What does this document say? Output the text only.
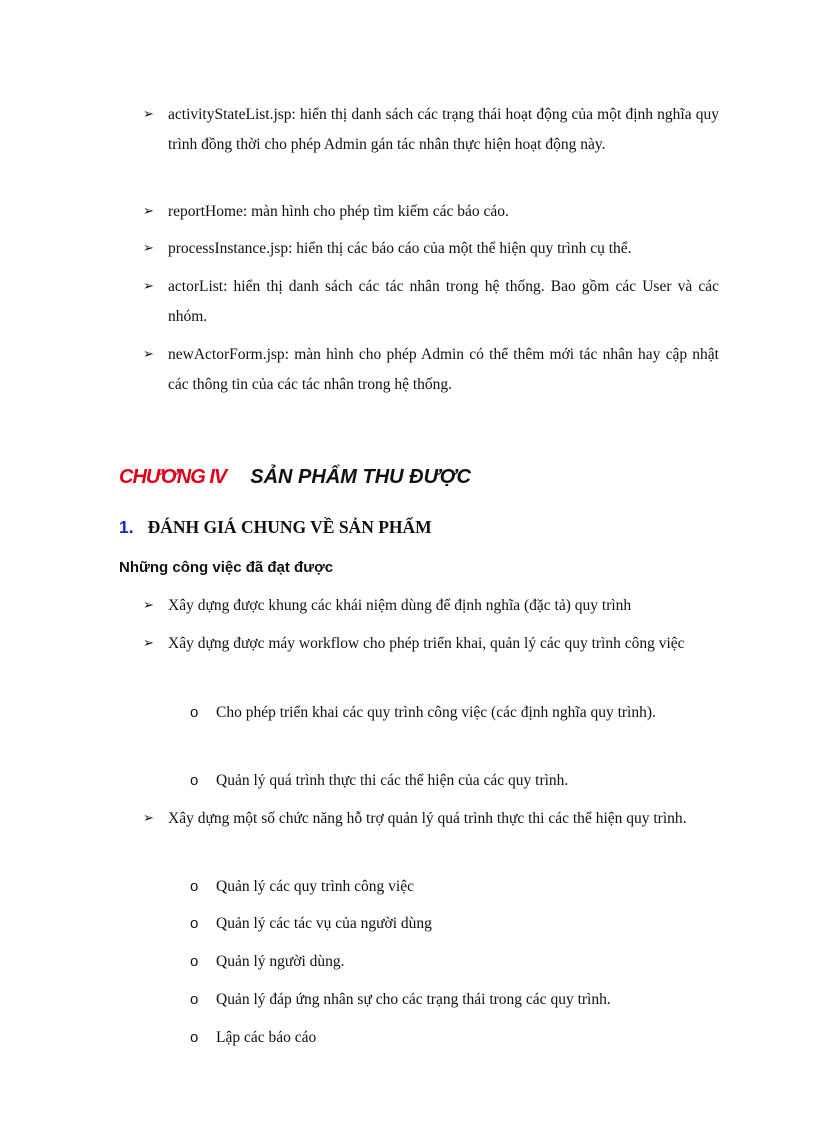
➢ activityStateList.jsp: hiển thị danh sách các trạng thái hoạt động của một định nghĩa quy trình đồng thời cho phép Admin gán tác nhân thực hiện hoạt động này.
➢ reportHome: màn hình cho phép tìm kiếm các báo cáo.
➢ processInstance.jsp: hiển thị các báo cáo của một thể hiện quy trình cụ thể.
➢ actorList: hiển thị danh sách các tác nhân trong hệ thống. Bao gồm các User và các nhóm.
➢ newActorForm.jsp: màn hình cho phép Admin có thể thêm mới tác nhân hay cập nhật các thông tin của các tác nhân trong hệ thống.
CHƯƠNG IV SẢN PHẨM THU ĐƯỢC
1. ĐÁNH GIÁ CHUNG VỀ SẢN PHẨM
Những công việc đã đạt được
➢ Xây dựng được khung các khái niệm dùng để định nghĩa (đặc tả) quy trình
➢ Xây dựng được máy workflow cho phép triển khai, quản lý các quy trình công việc
o Cho phép triển khai các quy trình công việc (các định nghĩa quy trình).
o Quản lý quá trình thực thi các thể hiện của các quy trình.
➢ Xây dựng một số chức năng hỗ trợ quản lý quá trình thực thi các thể hiện quy trình.
o Quản lý các quy trình công việc
o Quản lý các tác vụ của người dùng
o Quản lý người dùng.
o Quản lý đáp ứng nhân sự cho các trạng thái trong các quy trình.
o Lập các báo cáo
